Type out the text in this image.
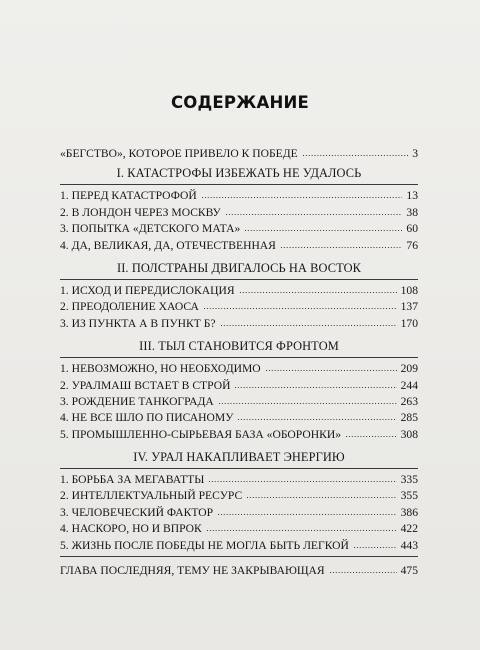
СОДЕРЖАНИЕ
«БЕГСТВО», КОТОРОЕ ПРИВЕЛО К ПОБЕДЕ	3
I. КАТАСТРОФЫ ИЗБЕЖАТЬ НЕ УДАЛОСЬ
1. ПЕРЕД КАТАСТРОФОЙ	13
2. В ЛОНДОН ЧЕРЕЗ МОСКВУ	38
3. ПОПЫТКА «ДЕТСКОГО МАТА»	60
4. ДА, ВЕЛИКАЯ, ДА, ОТЕЧЕСТВЕННАЯ	76
II. ПОЛСТРАНЫ ДВИГАЛОСЬ НА ВОСТОК
1. ИСХОД И ПЕРЕДИСЛОКАЦИЯ	108
2. ПРЕОДОЛЕНИЕ ХАОСА	137
3. ИЗ ПУНКТА А В ПУНКТ Б?	170
III. ТЫЛ СТАНОВИТСЯ ФРОНТОМ
1. НЕВОЗМОЖНО, НО НЕОБХОДИМО	209
2. УРАЛМАШ ВСТАЕТ В СТРОЙ	244
3. РОЖДЕНИЕ ТАНКОГРАДА	263
4. НЕ ВСЕ ШЛО ПО ПИСАНОМУ	285
5. ПРОМЫШЛЕННО-СЫРЬЕВАЯ БАЗА «ОБОРОНКИ»	308
IV. УРАЛ НАКАПЛИВАЕТ ЭНЕРГИЮ
1. БОРЬБА ЗА МЕГАВАТТЫ	335
2. ИНТЕЛЛЕКТУАЛЬНЫЙ РЕСУРС	355
3. ЧЕЛОВЕЧЕСКИЙ ФАКТОР	386
4. НАСКОРО, НО И ВПРОК	422
5. ЖИЗНЬ ПОСЛЕ ПОБЕДЫ НЕ МОГЛА БЫТЬ ЛЕГКОЙ	443
ГЛАВА ПОСЛЕДНЯЯ, ТЕМУ НЕ ЗАКРЫВАЮЩАЯ	475
